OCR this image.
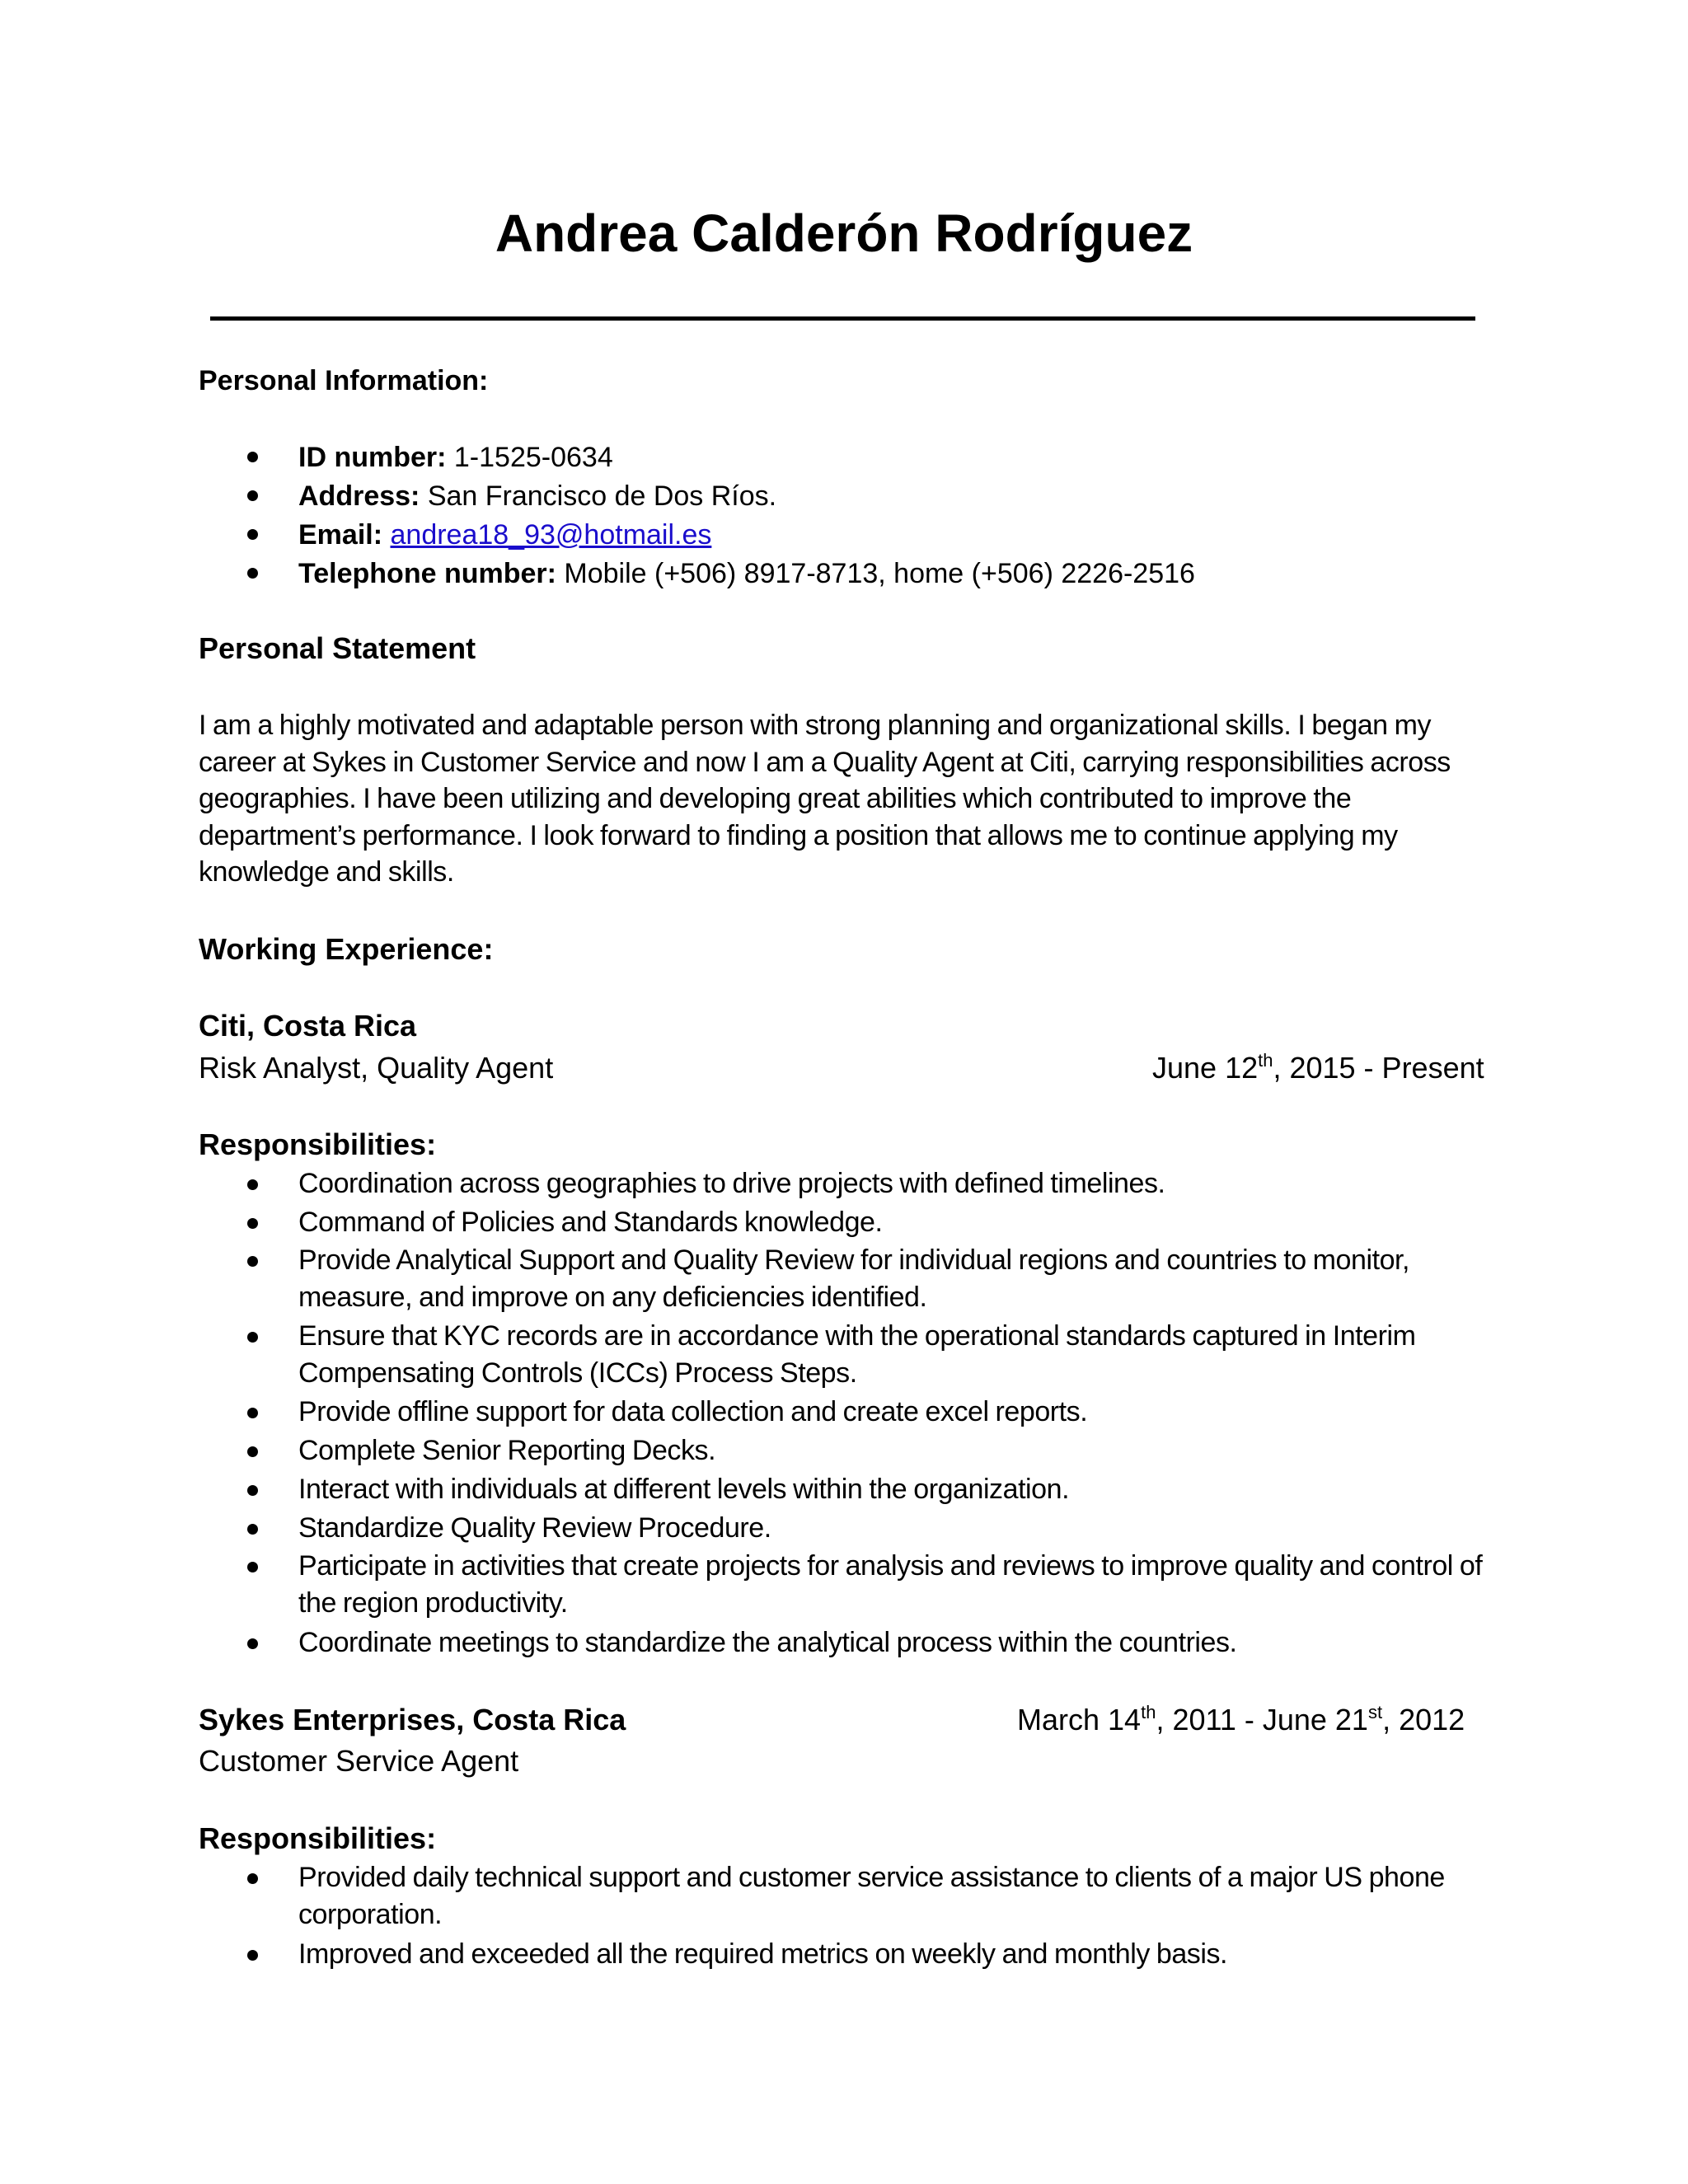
Andrea Calderón Rodríguez
Personal Information:
ID number: 1-1525-0634
Address: San Francisco de Dos Ríos.
Email: andrea18_93@hotmail.es
Telephone number: Mobile (+506) 8917-8713, home (+506) 2226-2516
Personal Statement
I am a highly motivated and adaptable person with strong planning and organizational skills. I began my career at Sykes in Customer Service and now I am a Quality Agent at Citi, carrying responsibilities across geographies. I have been utilizing and developing great abilities which contributed to improve the department’s performance. I look forward to finding a position that allows me to continue applying my knowledge and skills.
Working Experience:
Citi, Costa Rica
Risk Analyst, Quality Agent	June 12th, 2015 - Present
Responsibilities:
Coordination across geographies to drive projects with defined timelines.
Command of Policies and Standards knowledge.
Provide Analytical Support and Quality Review for individual regions and countries to monitor, measure, and improve on any deficiencies identified.
Ensure that KYC records are in accordance with the operational standards captured in Interim Compensating Controls (ICCs) Process Steps.
Provide offline support for data collection and create excel reports.
Complete Senior Reporting Decks.
Interact with individuals at different levels within the organization.
Standardize Quality Review Procedure.
Participate in activities that create projects for analysis and reviews to improve quality and control of the region productivity.
Coordinate meetings to standardize the analytical process within the countries.
Sykes Enterprises, Costa Rica	March 14th, 2011 - June 21st, 2012
Customer Service Agent
Responsibilities:
Provided daily technical support and customer service assistance to clients of a major US phone corporation.
Improved and exceeded all the required metrics on weekly and monthly basis.
